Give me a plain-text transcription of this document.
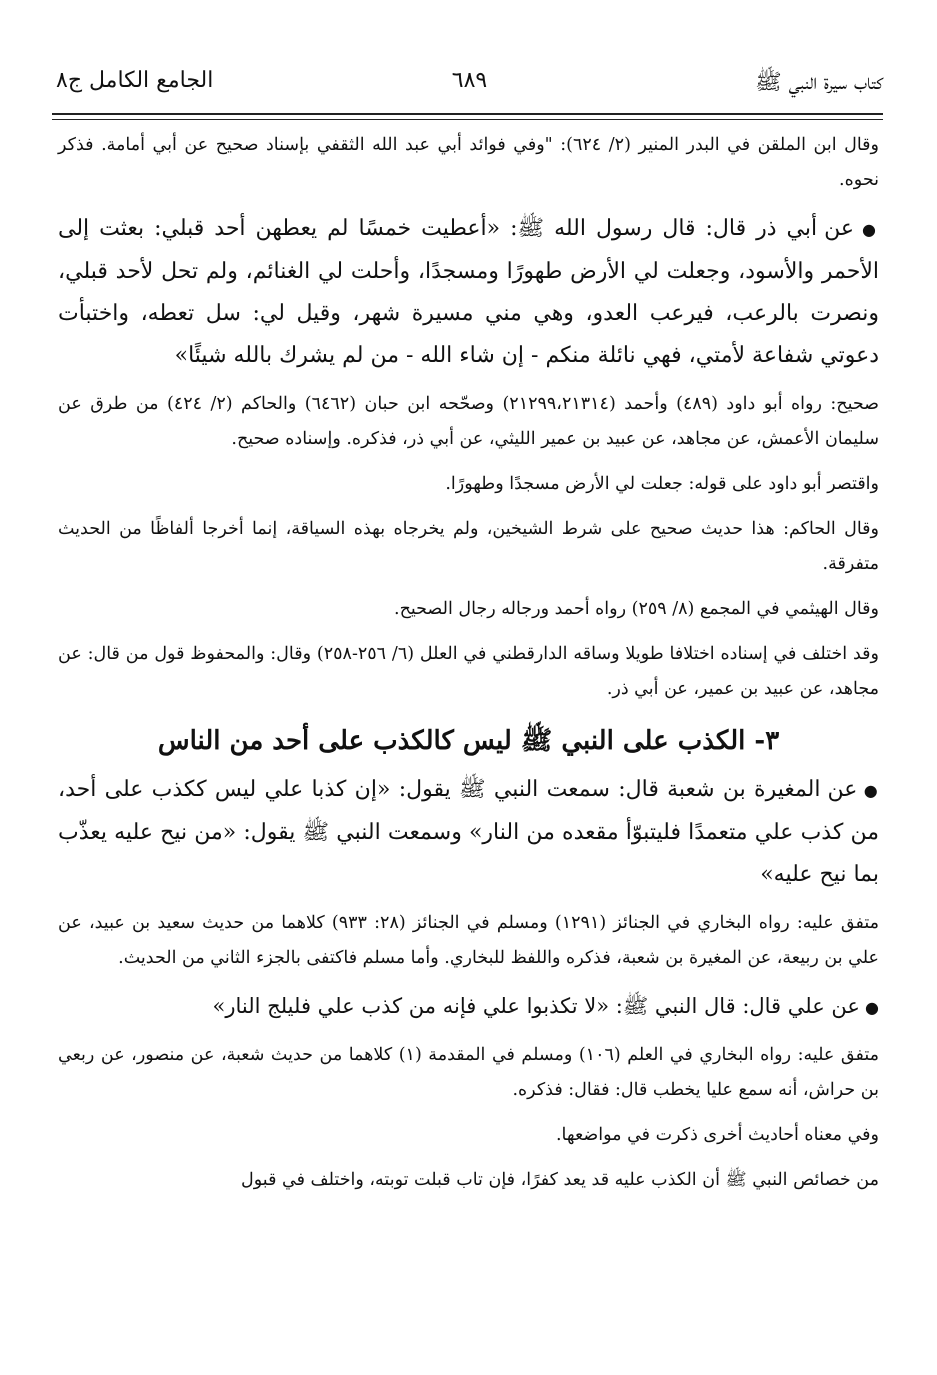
كتاب سيرة النبي ﷺ
٦٨٩
الجامع الكامل ج٨

وقال ابن الملقن في البدر المنير (٢/ ٦٢٤): "وفي فوائد أبي عبد الله الثقفي بإسناد صحيح عن أبي أمامة. فذكر نحوه.

● عن أبي ذر قال: قال رسول الله ﷺ: «أعطيت خمسًا لم يعطهن أحد قبلي: بعثت إلى الأحمر والأسود، وجعلت لي الأرض طهورًا ومسجدًا، وأحلت لي الغنائم، ولم تحل لأحد قبلي، ونصرت بالرعب، فيرعب العدو، وهي مني مسيرة شهر، وقيل لي: سل تعطه، واختبأت دعوتي شفاعة لأمتي، فهي نائلة منكم - إن شاء الله - من لم يشرك بالله شيئًا»

صحيح: رواه أبو داود (٤٨٩) وأحمد (٢١٢٩٩،٢١٣١٤) وصحّحه ابن حبان (٦٤٦٢) والحاكم (٢/ ٤٢٤) من طرق عن سليمان الأعمش، عن مجاهد، عن عبيد بن عمير الليثي، عن أبي ذر، فذكره. وإسناده صحيح.

واقتصر أبو داود على قوله: جعلت لي الأرض مسجدًا وطهورًا.

وقال الحاكم: هذا حديث صحيح على شرط الشيخين، ولم يخرجاه بهذه السياقة، إنما أخرجا ألفاظًا من الحديث متفرقة.

وقال الهيثمي في المجمع (٨/ ٢٥٩) رواه أحمد ورجاله رجال الصحيح.

وقد اختلف في إسناده اختلافا طويلا وساقه الدارقطني في العلل (٦/ ٢٥٦-٢٥٨) وقال: والمحفوظ قول من قال: عن مجاهد، عن عبيد بن عمير، عن أبي ذر.

٣- الكذب على النبي ﷺ ليس كالكذب على أحد من الناس

● عن المغيرة بن شعبة قال: سمعت النبي ﷺ يقول: «إن كذبا علي ليس ككذب على أحد، من كذب علي متعمدًا فليتبوّأ مقعده من النار» وسمعت النبي ﷺ يقول: «من نيح عليه يعذّب بما نيح عليه»

متفق عليه: رواه البخاري في الجنائز (١٢٩١) ومسلم في الجنائز (٢٨: ٩٣٣) كلاهما من حديث سعيد بن عبيد، عن علي بن ربيعة، عن المغيرة بن شعبة، فذكره واللفظ للبخاري. وأما مسلم فاكتفى بالجزء الثاني من الحديث.

● عن علي قال: قال النبي ﷺ: «لا تكذبوا علي فإنه من كذب علي فليلج النار»

متفق عليه: رواه البخاري في العلم (١٠٦) ومسلم في المقدمة (١) كلاهما من حديث شعبة، عن منصور، عن ربعي بن حراش، أنه سمع عليا يخطب قال: فقال: فذكره.

وفي معناه أحاديث أخرى ذكرت في مواضعها.

من خصائص النبي ﷺ أن الكذب عليه قد يعد كفرًا، فإن تاب قبلت توبته، واختلف في قبول
